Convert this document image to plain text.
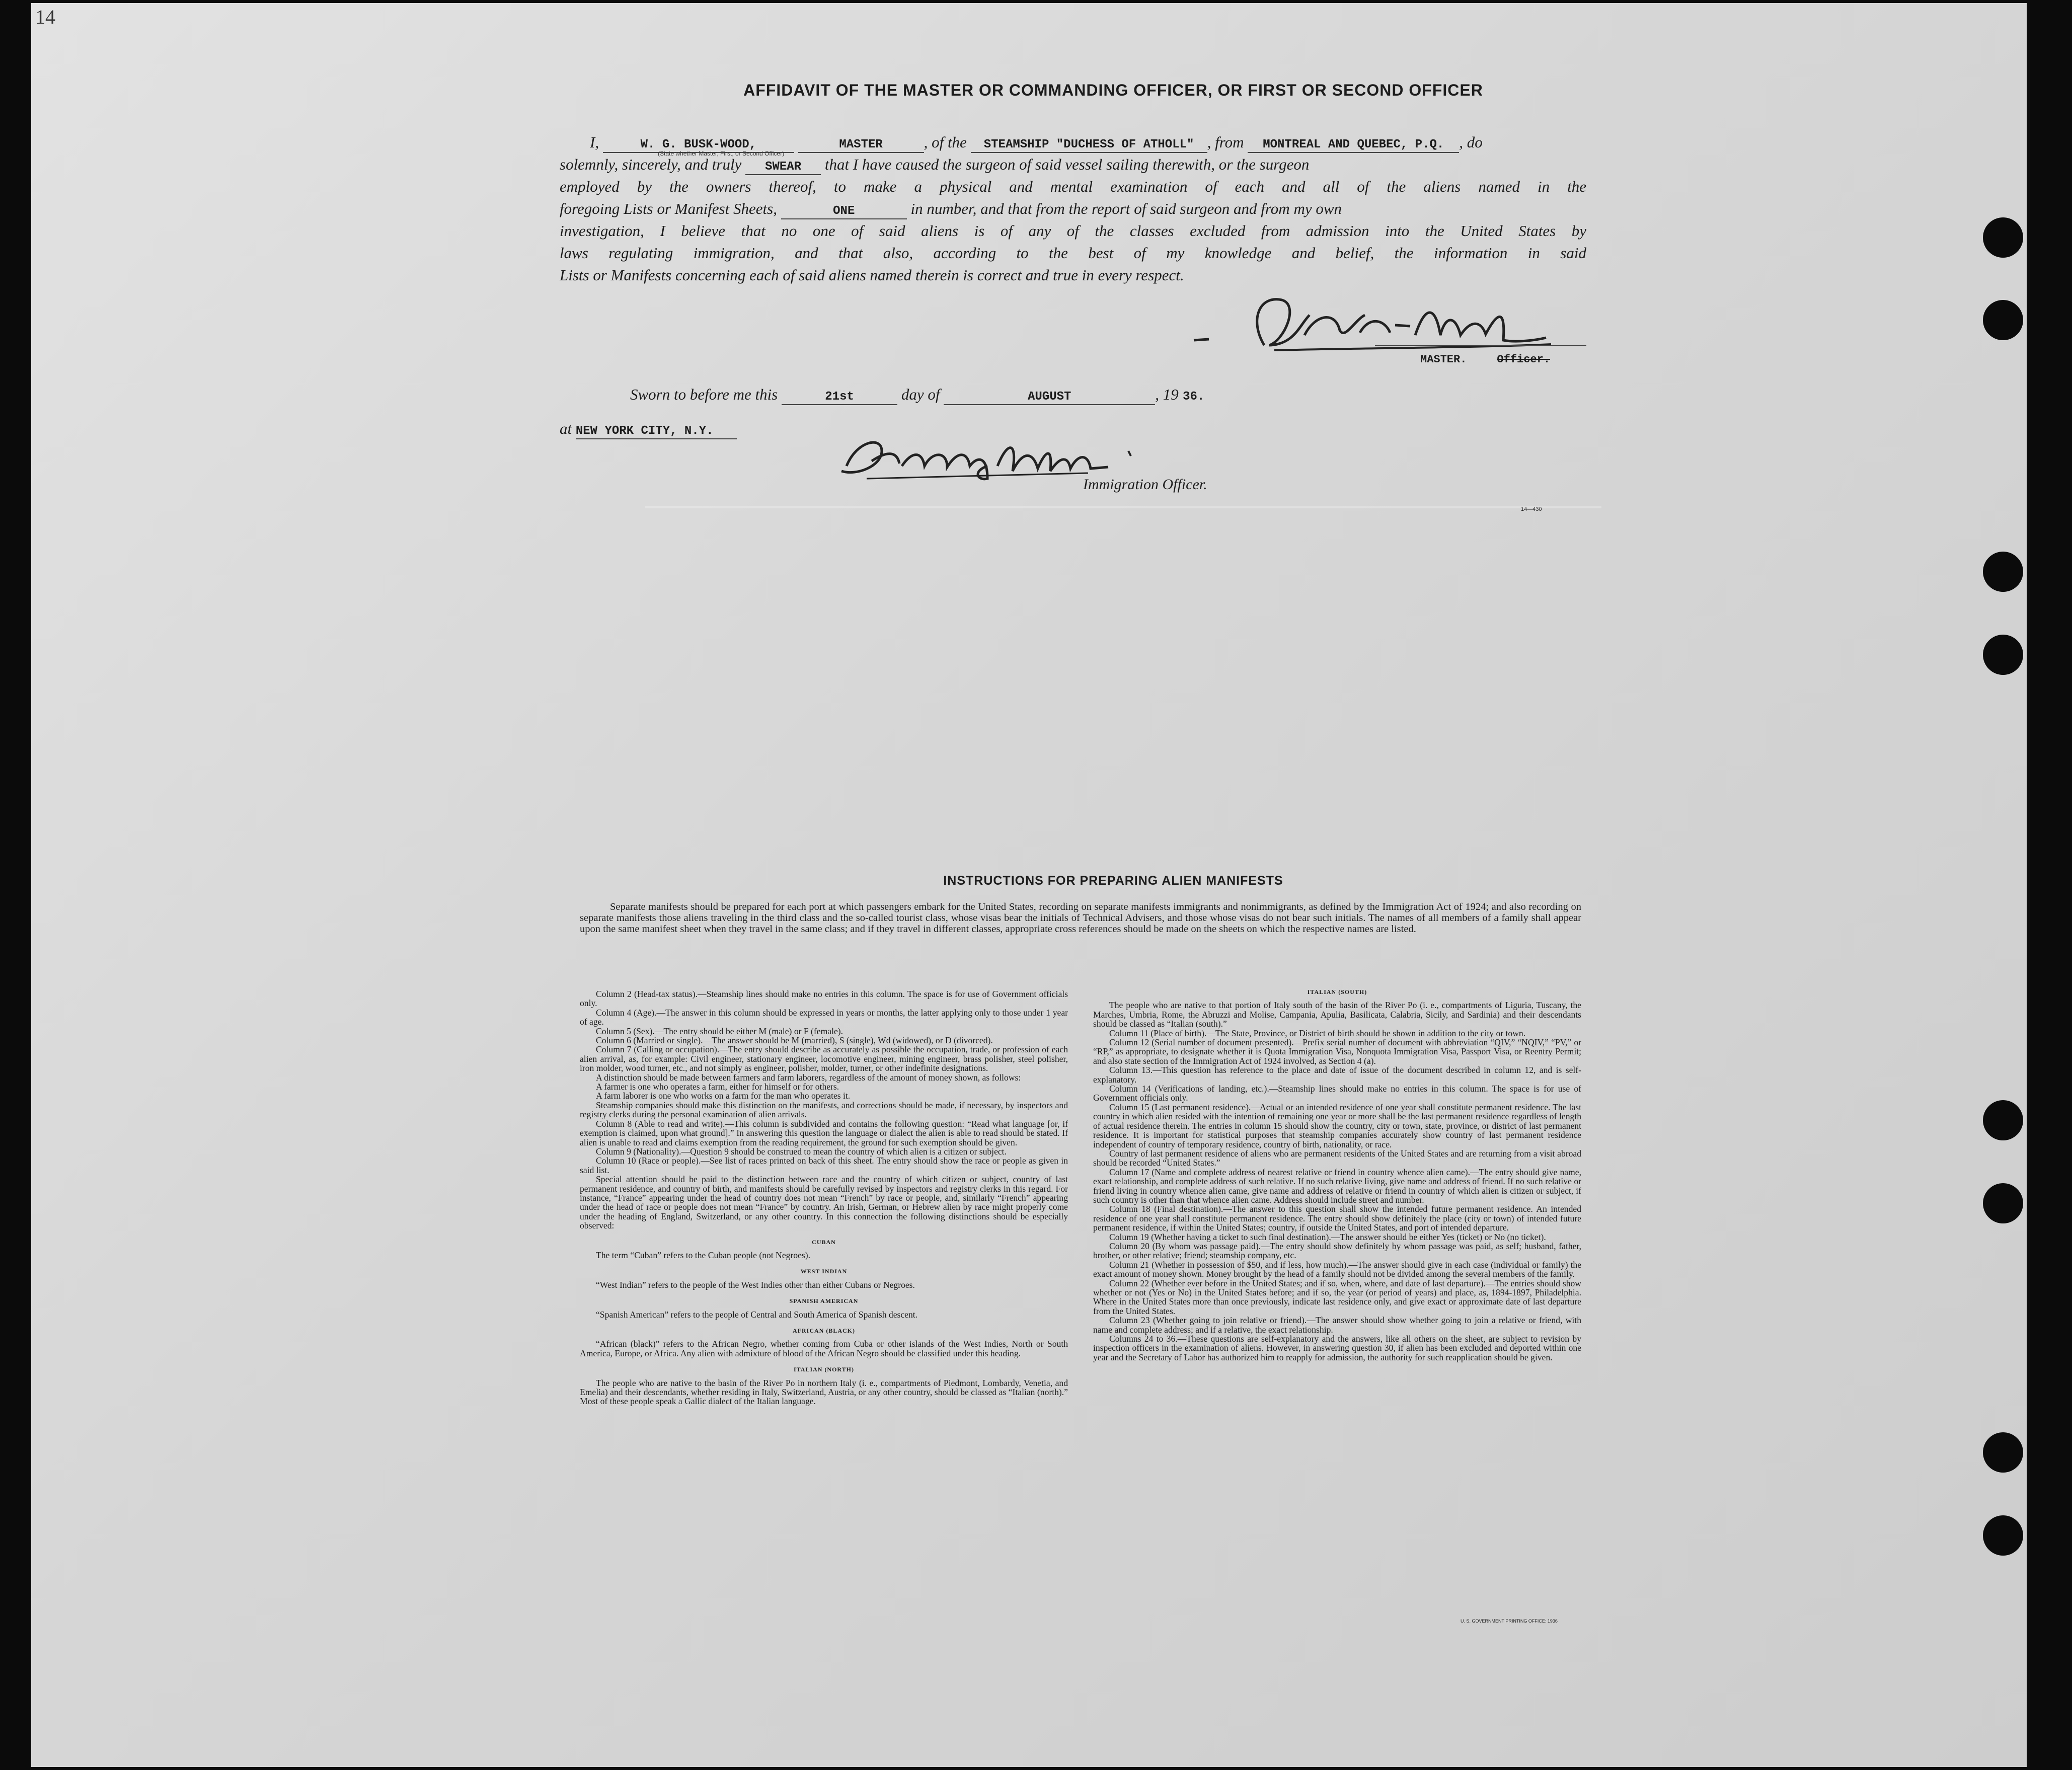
14
AFFIDAVIT OF THE MASTER OR COMMANDING OFFICER, OR FIRST OR SECOND OFFICER
I,	W. G. BUSK-WOOD,	MASTER	, of the STEAMSHIP "DUCHESS OF ATHOLL" , from MONTREAL AND QUEBEC, P.Q. , do
solemnly, sincerely, and truly SWEAR that I have caused the surgeon of said vessel sailing therewith, or the surgeon
employed by the owners thereof, to make a physical and mental examination of each and all of the aliens named in the
foregoing Lists or Manifest Sheets,	ONE	in number, and that from the report of said surgeon and from my own
investigation, I believe that no one of said aliens is of any of the classes excluded from admission into the United States by
laws regulating immigration, and that also, according to the best of my knowledge and belief, the information in said
Lists or Manifests concerning each of said aliens named therein is correct and true in every respect.
(State whether Master, First, or Second Officer)
MASTER.	Officer.
Sworn to before me this	21st	day of	AUGUST	, 19 36.
at NEW YORK CITY, N.Y.
Immigration Officer.
14—430
INSTRUCTIONS FOR PREPARING ALIEN MANIFESTS
Separate manifests should be prepared for each port at which passengers embark for the United States, recording on separate manifests immigrants and nonimmigrants, as defined by the Immigration Act of 1924; and also recording on separate manifests those aliens traveling in the third class and the so-called tourist class, whose visas bear the initials of Technical Advisers, and those whose visas do not bear such initials. The names of all members of a family shall appear upon the same manifest sheet when they travel in the same class; and if they travel in different classes, appropriate cross references should be made on the sheets on which the respective names are listed.

Column 2 (Head-tax status).—Steamship lines should make no entries in this column. The space is for use of Government officials only.

Column 4 (Age).—The answer in this column should be expressed in years or months, the latter applying only to those under 1 year of age.

Column 5 (Sex).—The entry should be either M (male) or F (female).

Column 6 (Married or single).—The answer should be M (married), S (single), Wd (widowed), or D (divorced).

Column 7 (Calling or occupation).—The entry should describe as accurately as possible the occupation, trade, or profession of each alien arrival, as, for example: Civil engineer, stationary engineer, locomotive engineer, mining engineer, brass polisher, steel polisher, iron molder, wood turner, etc., and not simply as engineer, polisher, molder, turner, or other indefinite designations.

A distinction should be made between farmers and farm laborers, regardless of the amount of money shown, as follows:

A farmer is one who operates a farm, either for himself or for others.

A farm laborer is one who works on a farm for the man who operates it.

Steamship companies should make this distinction on the manifests, and corrections should be made, if necessary, by inspectors and registry clerks during the personal examination of alien arrivals.

Column 8 (Able to read and write).—This column is subdivided and contains the following question: “Read what language [or, if exemption is claimed, upon what ground].” In answering this question the language or dialect the alien is able to read should be stated. If alien is unable to read and claims exemption from the reading requirement, the ground for such exemption should be given.

Column 9 (Nationality).—Question 9 should be construed to mean the country of which alien is a citizen or subject.

Column 10 (Race or people).—See list of races printed on back of this sheet. The entry should show the race or people as given in said list.

Special attention should be paid to the distinction between race and the country of which citizen or subject, country of last permanent residence, and country of birth, and manifests should be carefully revised by inspectors and registry clerks in this regard. For instance, “France” appearing under the head of country does not mean “French” by race or people, and, similarly “French” appearing under the head of race or people does not mean “France” by country. An Irish, German, or Hebrew alien by race might properly come under the heading of England, Switzerland, or any other country. In this connection the following distinctions should be especially observed:

CUBAN

The term “Cuban” refers to the Cuban people (not Negroes).

WEST INDIAN

“West Indian” refers to the people of the West Indies other than either Cubans or Negroes.

SPANISH AMERICAN

“Spanish American” refers to the people of Central and South America of Spanish descent.

AFRICAN (BLACK)

“African (black)” refers to the African Negro, whether coming from Cuba or other islands of the West Indies, North or South America, Europe, or Africa. Any alien with admixture of blood of the African Negro should be classified under this heading.

ITALIAN (NORTH)

The people who are native to the basin of the River Po in northern Italy (i. e., compartments of Piedmont, Lombardy, Venetia, and Emelia) and their descendants, whether residing in Italy, Switzerland, Austria, or any other country, should be classed as “Italian (north).” Most of these people speak a Gallic dialect of the Italian language.

ITALIAN (SOUTH)

The people who are native to that portion of Italy south of the basin of the River Po (i. e., compartments of Liguria, Tuscany, the Marches, Umbria, Rome, the Abruzzi and Molise, Campania, Apulia, Basilicata, Calabria, Sicily, and Sardinia) and their descendants should be classed as “Italian (south).”

Column 11 (Place of birth).—The State, Province, or District of birth should be shown in addition to the city or town.

Column 12 (Serial number of document presented).—Prefix serial number of document with abbreviation “QIV,” “NQIV,” “PV,” or “RP,” as appropriate, to designate whether it is Quota Immigration Visa, Nonquota Immigration Visa, Passport Visa, or Reentry Permit; and also state section of the Immigration Act of 1924 involved, as Section 4 (a).

Column 13.—This question has reference to the place and date of issue of the document described in column 12, and is self-explanatory.

Column 14 (Verifications of landing, etc.).—Steamship lines should make no entries in this column. The space is for use of Government officials only.

Column 15 (Last permanent residence).—Actual or an intended residence of one year shall constitute permanent residence. The last country in which alien resided with the intention of remaining one year or more shall be the last permanent residence regardless of length of actual residence therein. The entries in column 15 should show the country, city or town, state, province, or district of last permanent residence. It is important for statistical purposes that steamship companies accurately show country of last permanent residence independent of country of temporary residence, country of birth, nationality, or race.

Country of last permanent residence of aliens who are permanent residents of the United States and are returning from a visit abroad should be recorded “United States.”

Column 17 (Name and complete address of nearest relative or friend in country whence alien came).—The entry should give name, exact relationship, and complete address of such relative. If no such relative living, give name and address of friend. If no such relative or friend living in country whence alien came, give name and address of relative or friend in country of which alien is citizen or subject, if such country is other than that whence alien came. Address should include street and number.

Column 18 (Final destination).—The answer to this question shall show the intended future permanent residence. An intended residence of one year shall constitute permanent residence. The entry should show definitely the place (city or town) of intended future permanent residence, if within the United States; country, if outside the United States, and port of intended departure.

Column 19 (Whether having a ticket to such final destination).—The answer should be either Yes (ticket) or No (no ticket).

Column 20 (By whom was passage paid).—The entry should show definitely by whom passage was paid, as self; husband, father, brother, or other relative; friend; steamship company, etc.

Column 21 (Whether in possession of $50, and if less, how much).—The answer should give in each case (individual or family) the exact amount of money shown. Money brought by the head of a family should not be divided among the several members of the family.

Column 22 (Whether ever before in the United States; and if so, when, where, and date of last departure).—The entries should show whether or not (Yes or No) in the United States before; and if so, the year (or period of years) and place, as, 1894-1897, Philadelphia. Where in the United States more than once previously, indicate last residence only, and give exact or approximate date of last departure from the United States.

Column 23 (Whether going to join relative or friend).—The answer should show whether going to join a relative or friend, with name and complete address; and if a relative, the exact relationship.

Columns 24 to 36.—These questions are self-explanatory and the answers, like all others on the sheet, are subject to revision by inspection officers in the examination of aliens. However, in answering question 30, if alien has been excluded and deported within one year and the Secretary of Labor has authorized him to reapply for admission, the authority for such reapplication should be given.

U. S. GOVERNMENT PRINTING OFFICE: 1936
